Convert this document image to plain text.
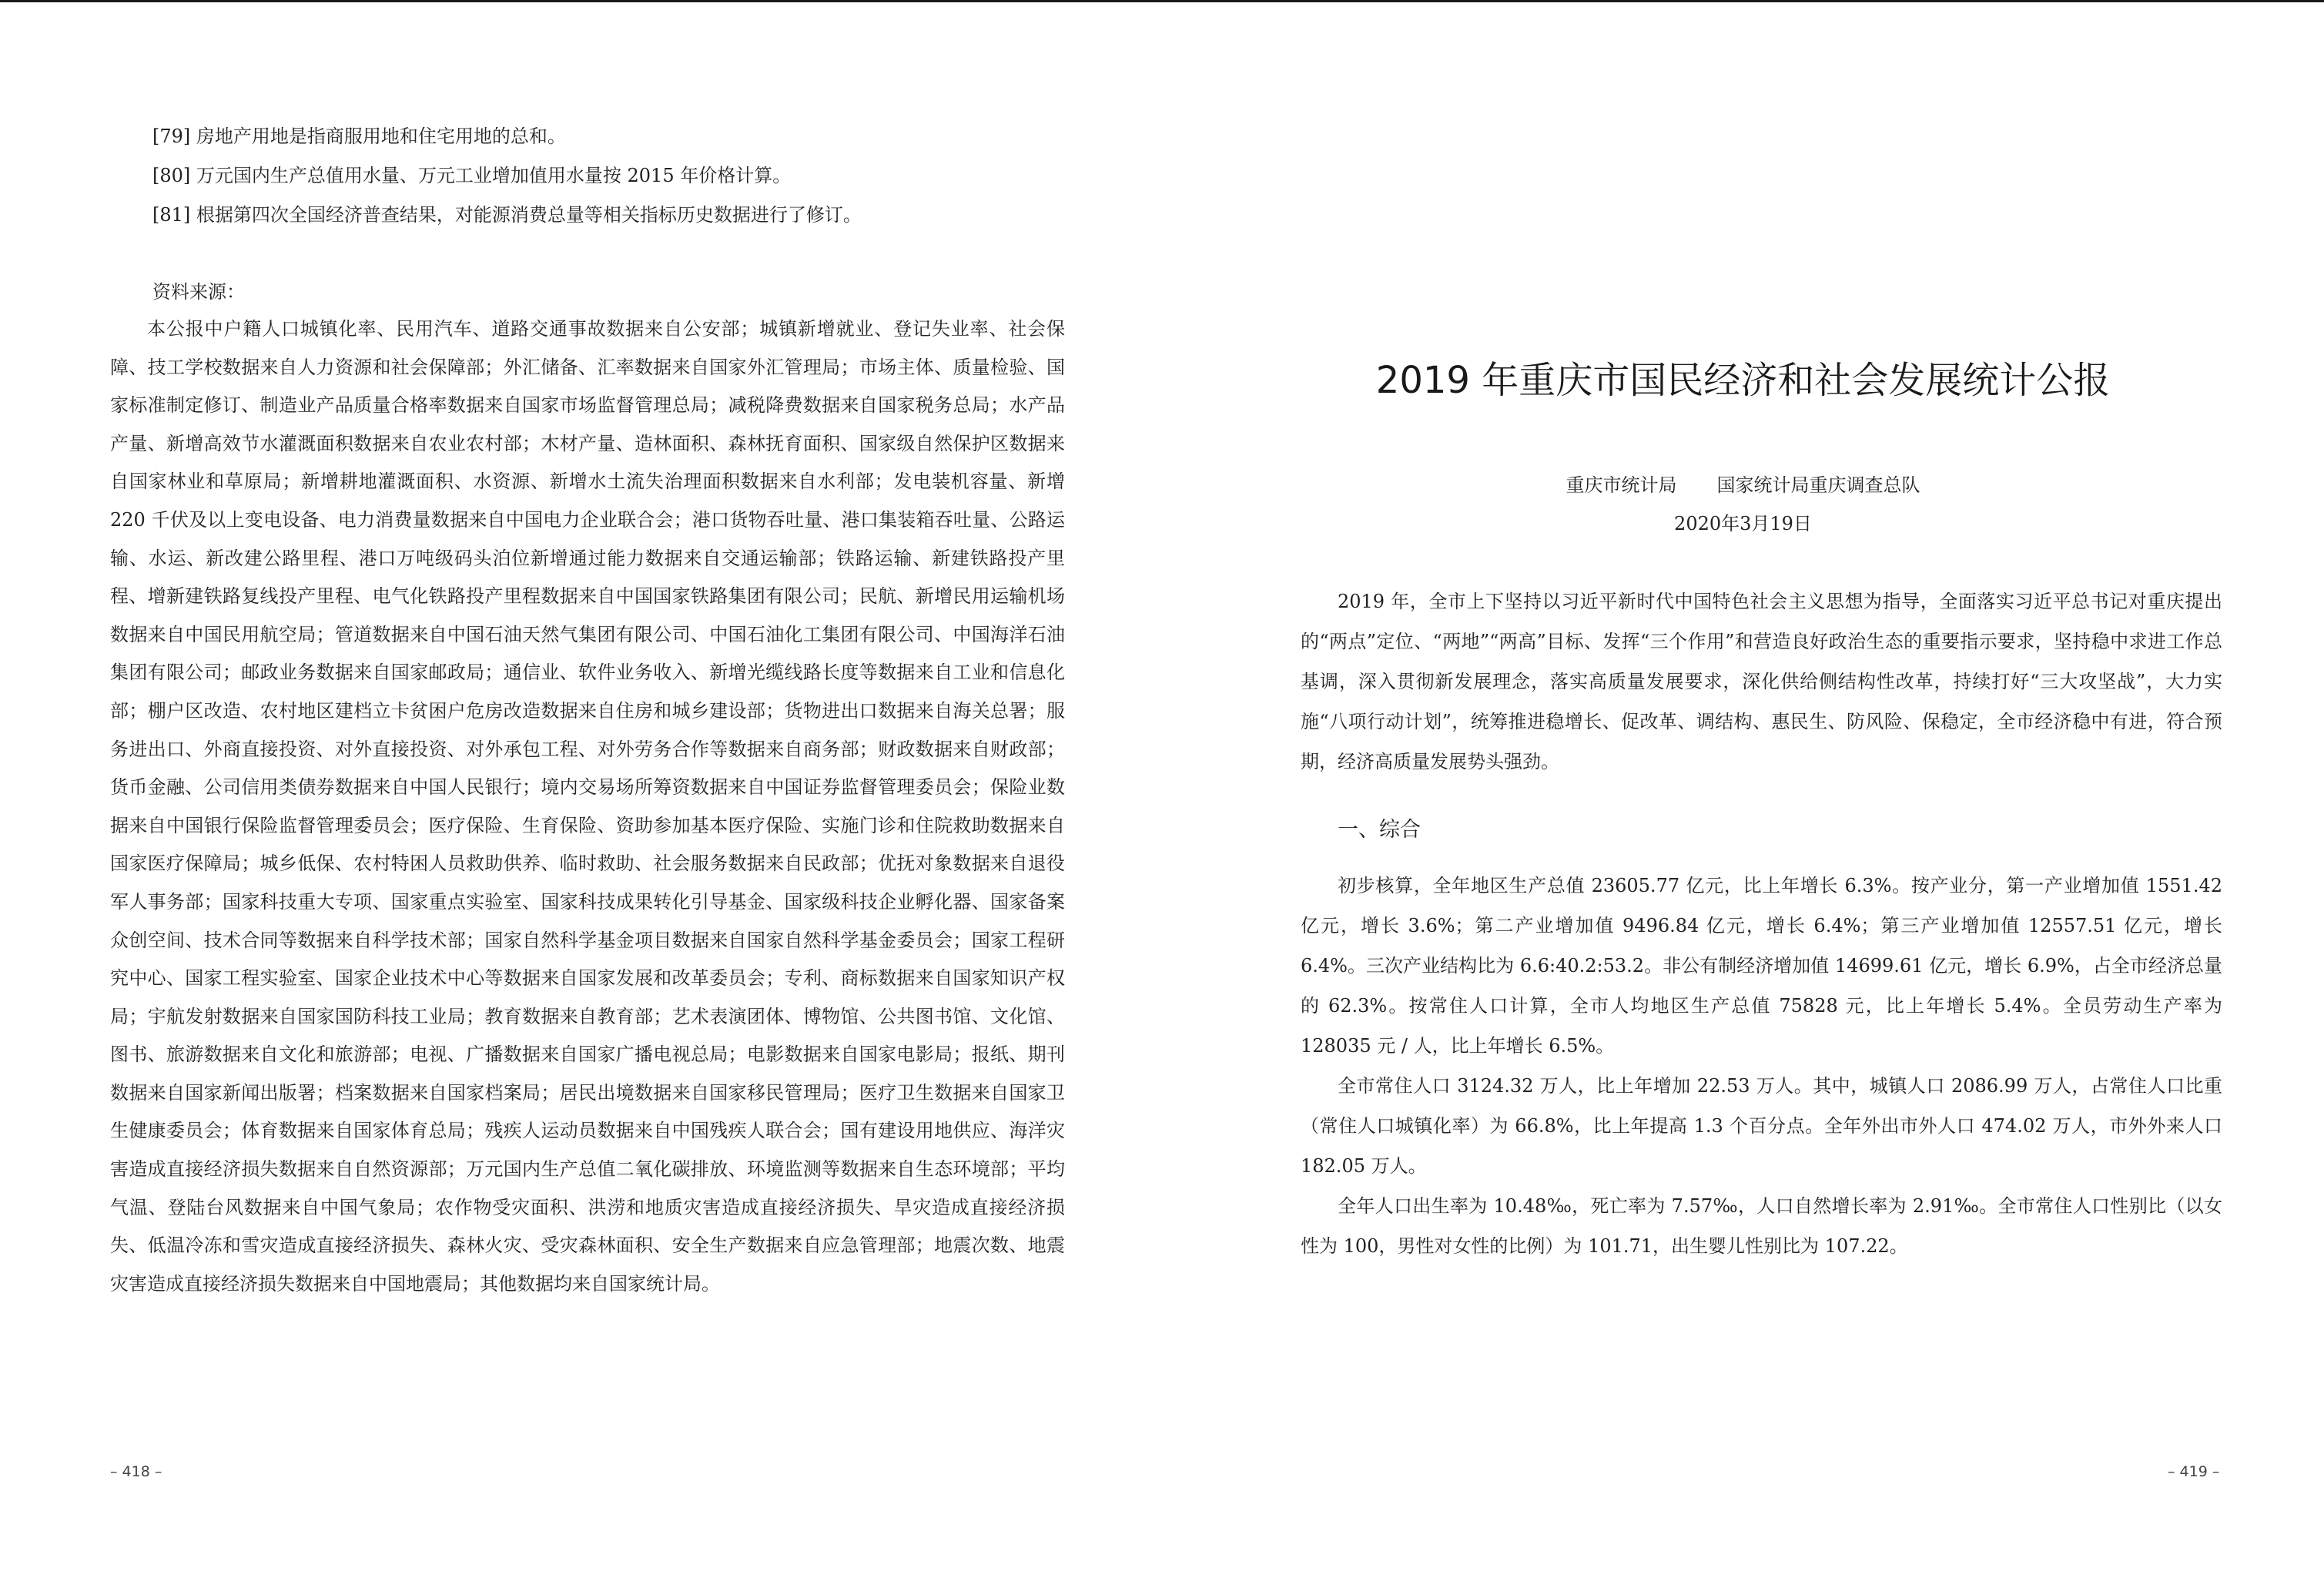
[79] 房地产用地是指商服用地和住宅用地的总和。
[80] 万元国内生产总值用水量、万元工业增加值用水量按 2015 年价格计算。
[81] 根据第四次全国经济普查结果，对能源消费总量等相关指标历史数据进行了修订。
资料来源：

本公报中户籍人口城镇化率、民用汽车、道路交通事故数据来自公安部；城镇新增就业、登记失业率、社会保障、技工学校数据来自人力资源和社会保障部；外汇储备、汇率数据来自国家外汇管理局；市场主体、质量检验、国家标准制定修订、制造业产品质量合格率数据来自国家市场监督管理总局；减税降费数据来自国家税务总局；水产品产量、新增高效节水灌溉面积数据来自农业农村部；木材产量、造林面积、森林抚育面积、国家级自然保护区数据来自国家林业和草原局；新增耕地灌溉面积、水资源、新增水土流失治理面积数据来自水利部；发电装机容量、新增 220 千伏及以上变电设备、电力消费量数据来自中国电力企业联合会；港口货物吞吐量、港口集装箱吞吐量、公路运输、水运、新改建公路里程、港口万吨级码头泊位新增通过能力数据来自交通运输部；铁路运输、新建铁路投产里程、增新建铁路复线投产里程、电气化铁路投产里程数据来自中国国家铁路集团有限公司；民航、新增民用运输机场数据来自中国民用航空局；管道数据来自中国石油天然气集团有限公司、中国石油化工集团有限公司、中国海洋石油集团有限公司；邮政业务数据来自国家邮政局；通信业、软件业务收入、新增光缆线路长度等数据来自工业和信息化部；棚户区改造、农村地区建档立卡贫困户危房改造数据来自住房和城乡建设部；货物进出口数据来自海关总署；服务进出口、外商直接投资、对外直接投资、对外承包工程、对外劳务合作等数据来自商务部；财政数据来自财政部；货币金融、公司信用类债券数据来自中国人民银行；境内交易场所筹资数据来自中国证券监督管理委员会；保险业数据来自中国银行保险监督管理委员会；医疗保险、生育保险、资助参加基本医疗保险、实施门诊和住院救助数据来自国家医疗保障局；城乡低保、农村特困人员救助供养、临时救助、社会服务数据来自民政部；优抚对象数据来自退役军人事务部；国家科技重大专项、国家重点实验室、国家科技成果转化引导基金、国家级科技企业孵化器、国家备案众创空间、技术合同等数据来自科学技术部；国家自然科学基金项目数据来自国家自然科学基金委员会；国家工程研究中心、国家工程实验室、国家企业技术中心等数据来自国家发展和改革委员会；专利、商标数据来自国家知识产权局；宇航发射数据来自国家国防科技工业局；教育数据来自教育部；艺术表演团体、博物馆、公共图书馆、文化馆、图书、旅游数据来自文化和旅游部；电视、广播数据来自国家广播电视总局；电影数据来自国家电影局；报纸、期刊数据来自国家新闻出版署；档案数据来自国家档案局；居民出境数据来自国家移民管理局；医疗卫生数据来自国家卫生健康委员会；体育数据来自国家体育总局；残疾人运动员数据来自中国残疾人联合会；国有建设用地供应、海洋灾害造成直接经济损失数据来自自然资源部；万元国内生产总值二氧化碳排放、环境监测等数据来自生态环境部；平均气温、登陆台风数据来自中国气象局；农作物受灾面积、洪涝和地质灾害造成直接经济损失、旱灾造成直接经济损失、低温冷冻和雪灾造成直接经济损失、森林火灾、受灾森林面积、安全生产数据来自应急管理部；地震次数、地震灾害造成直接经济损失数据来自中国地震局；其他数据均来自国家统计局。

– 418 –
2019 年重庆市国民经济和社会发展统计公报
重庆市统计局 国家统计局重庆调查总队
2020年3月19日

2019 年，全市上下坚持以习近平新时代中国特色社会主义思想为指导，全面落实习近平总书记对重庆提出的“两点”定位、“两地”“两高”目标、发挥“三个作用”和营造良好政治生态的重要指示要求，坚持稳中求进工作总基调，深入贯彻新发展理念，落实高质量发展要求，深化供给侧结构性改革，持续打好“三大攻坚战”，大力实施“八项行动计划”，统筹推进稳增长、促改革、调结构、惠民生、防风险、保稳定，全市经济稳中有进，符合预期，经济高质量发展势头强劲。

一、综合

初步核算，全年地区生产总值 23605.77 亿元，比上年增长 6.3%。按产业分，第一产业增加值 1551.42 亿元，增长 3.6%；第二产业增加值 9496.84 亿元，增长 6.4%；第三产业增加值 12557.51 亿元，增长 6.4%。三次产业结构比为 6.6:40.2:53.2。非公有制经济增加值 14699.61 亿元，增长 6.9%，占全市经济总量的 62.3%。按常住人口计算，全市人均地区生产总值 75828 元，比上年增长 5.4%。全员劳动生产率为 128035 元 / 人，比上年增长 6.5%。

全市常住人口 3124.32 万人，比上年增加 22.53 万人。其中，城镇人口 2086.99 万人，占常住人口比重（常住人口城镇化率）为 66.8%，比上年提高 1.3 个百分点。全年外出市外人口 474.02 万人，市外外来人口 182.05 万人。

全年人口出生率为 10.48‰，死亡率为 7.57‰，人口自然增长率为 2.91‰。全市常住人口性别比（以女性为 100，男性对女性的比例）为 101.71，出生婴儿性别比为 107.22。

– 419 –
